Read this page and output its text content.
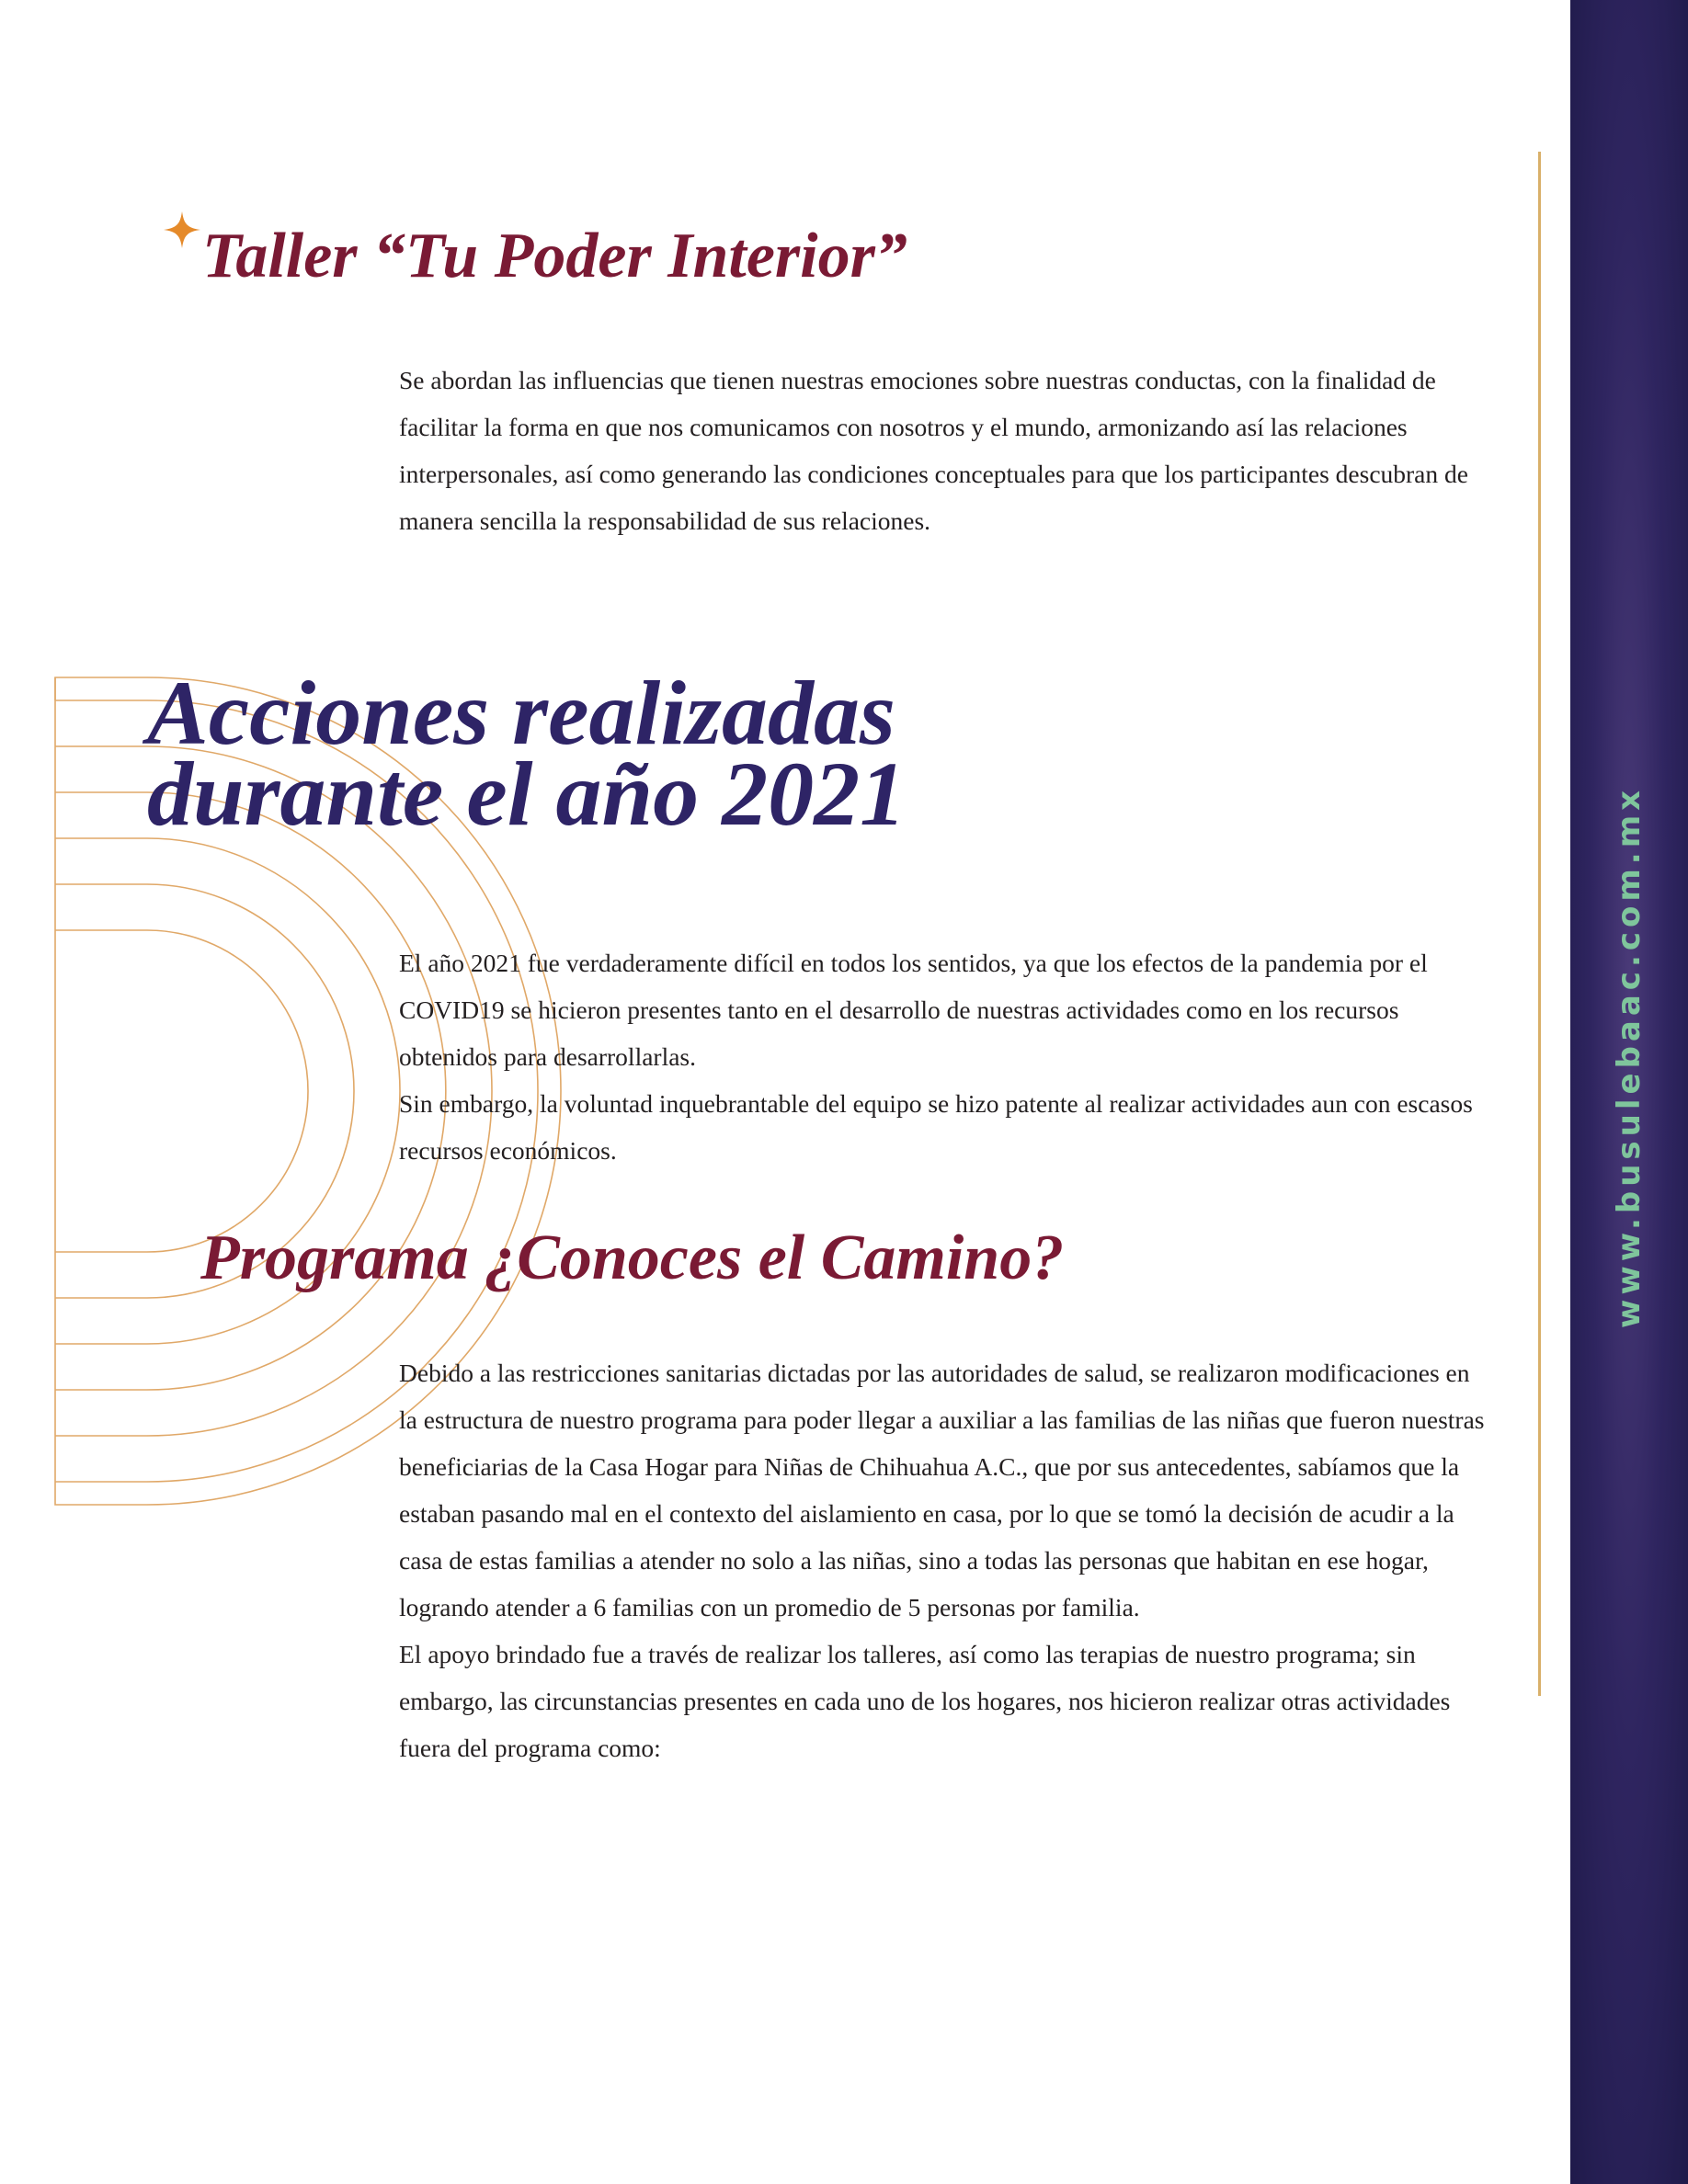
www.busulebaac.com.mx
Taller “Tu Poder Interior”

Se abordan las influencias que tienen nuestras emociones sobre nuestras conductas, con la finalidad de facilitar la forma en que nos comunicamos con nosotros y el mundo, armonizando así las relaciones interpersonales, así como generando las condiciones conceptuales para que los participantes descubran de manera sencilla la responsabilidad de sus relaciones.

Acciones realizadas
durante el año 2021

El año 2021 fue verdaderamente difícil en todos los sentidos, ya que los efectos de la pandemia por el COVID19 se hicieron presentes tanto en el desarrollo de nuestras actividades como en los recursos obtenidos para desarrollarlas.

Sin embargo, la voluntad inquebrantable del equipo se hizo patente al realizar actividades aun con escasos recursos económicos.

Programa ¿Conoces el Camino?

Debido a las restricciones sanitarias dictadas por las autoridades de salud, se realizaron modificaciones en la estructura de nuestro programa para poder llegar a auxiliar a las familias de las niñas que fueron nuestras beneficiarias de la Casa Hogar para Niñas de Chihuahua A.C., que por sus antecedentes, sabíamos que la estaban pasando mal en el contexto del aislamiento en casa, por lo que se tomó la decisión de acudir a la casa de estas familias a atender no solo a las niñas, sino a todas las personas que habitan en ese hogar, logrando atender a 6 familias con un promedio de 5 personas por familia.

El apoyo brindado fue a través de realizar los talleres, así como las terapias de nuestro programa; sin embargo, las circunstancias presentes en cada uno de los hogares, nos hicieron realizar otras actividades fuera del programa como:
